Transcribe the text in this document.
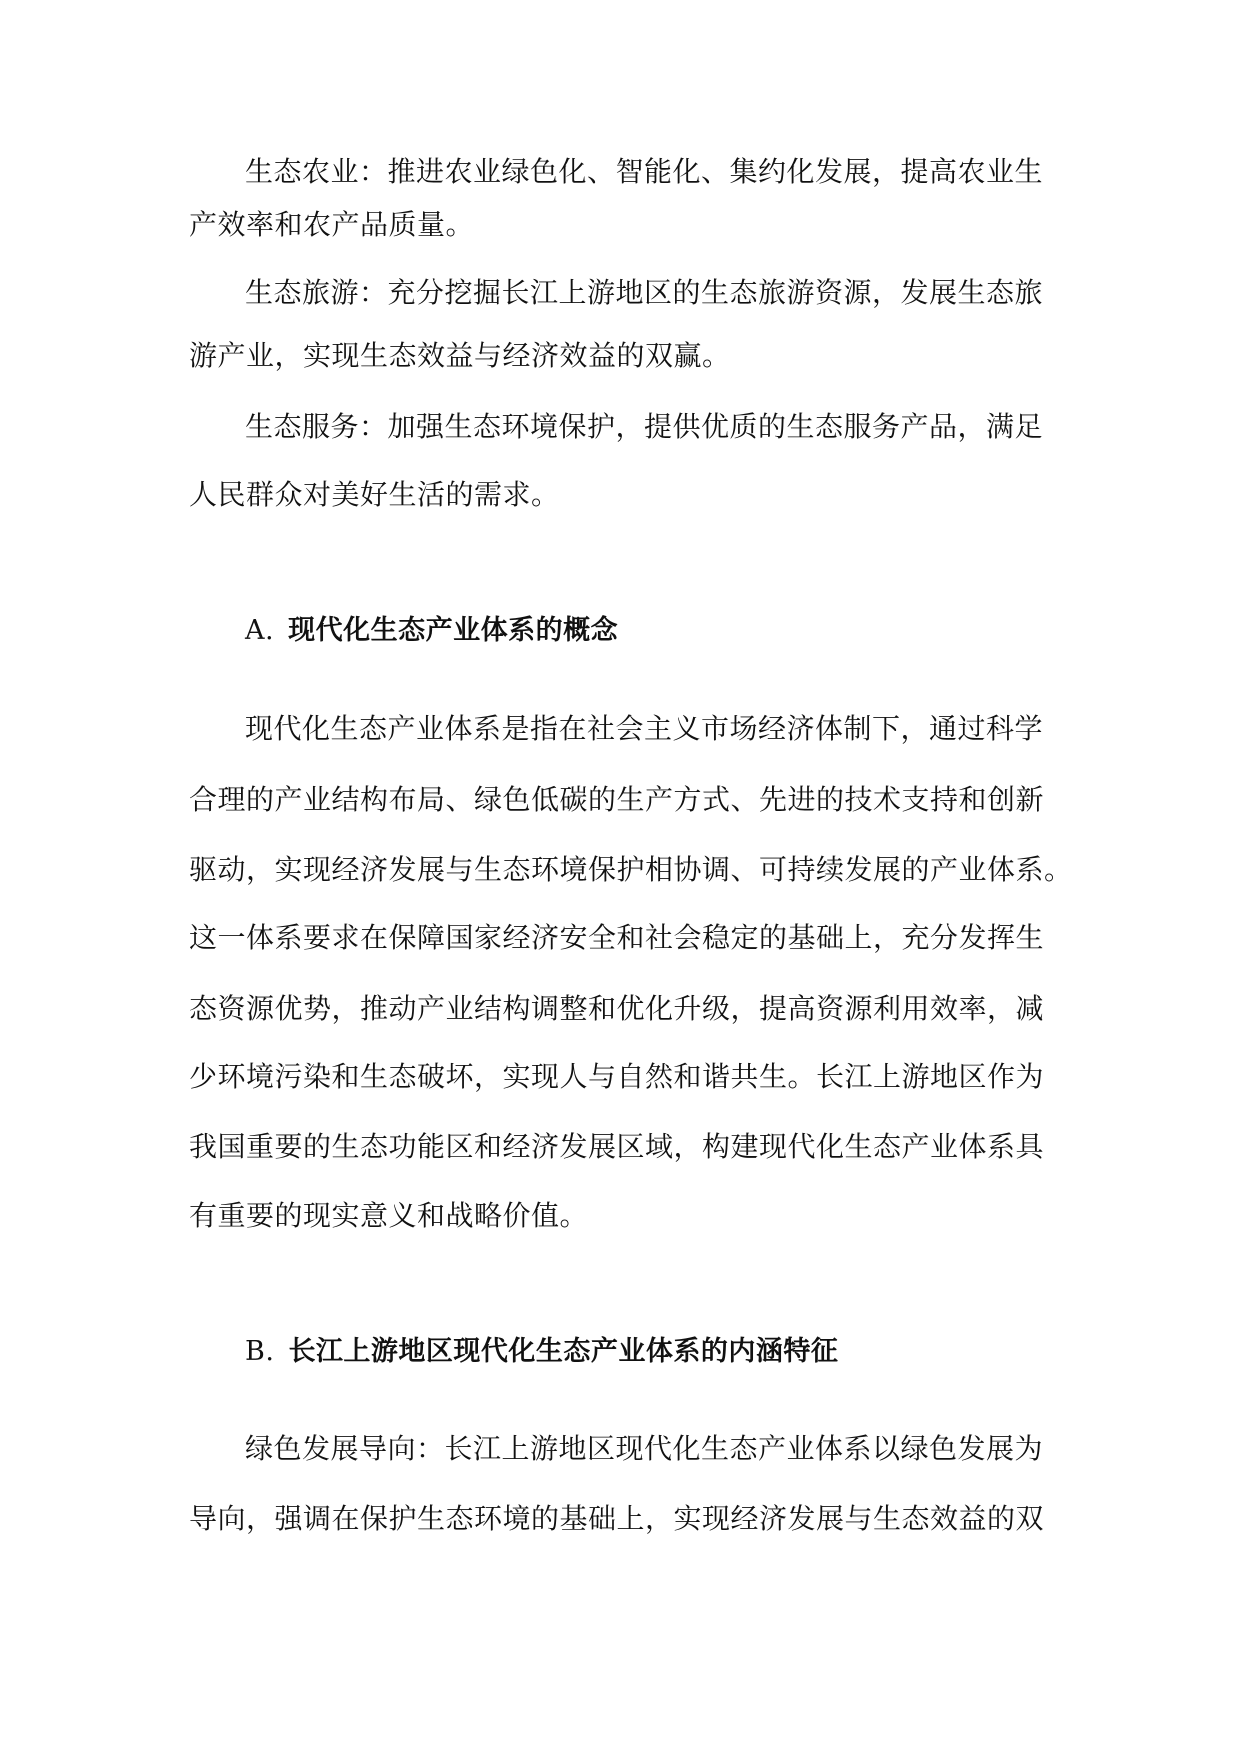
生态农业：推进农业绿色化、智能化、集约化发展，提高农业生
产效率和农产品质量。
生态旅游：充分挖掘长江上游地区的生态旅游资源，发展生态旅
游产业，实现生态效益与经济效益的双赢。
生态服务：加强生态环境保护，提供优质的生态服务产品，满足
人民群众对美好生活的需求。
A. 现代化生态产业体系的概念
现代化生态产业体系是指在社会主义市场经济体制下，通过科学
合理的产业结构布局、绿色低碳的生产方式、先进的技术支持和创新
驱动，实现经济发展与生态环境保护相协调、可持续发展的产业体系。
这一体系要求在保障国家经济安全和社会稳定的基础上，充分发挥生
态资源优势，推动产业结构调整和优化升级，提高资源利用效率，减
少环境污染和生态破坏，实现人与自然和谐共生。长江上游地区作为
我国重要的生态功能区和经济发展区域，构建现代化生态产业体系具
有重要的现实意义和战略价值。
B. 长江上游地区现代化生态产业体系的内涵特征
绿色发展导向：长江上游地区现代化生态产业体系以绿色发展为
导向，强调在保护生态环境的基础上，实现经济发展与生态效益的双
